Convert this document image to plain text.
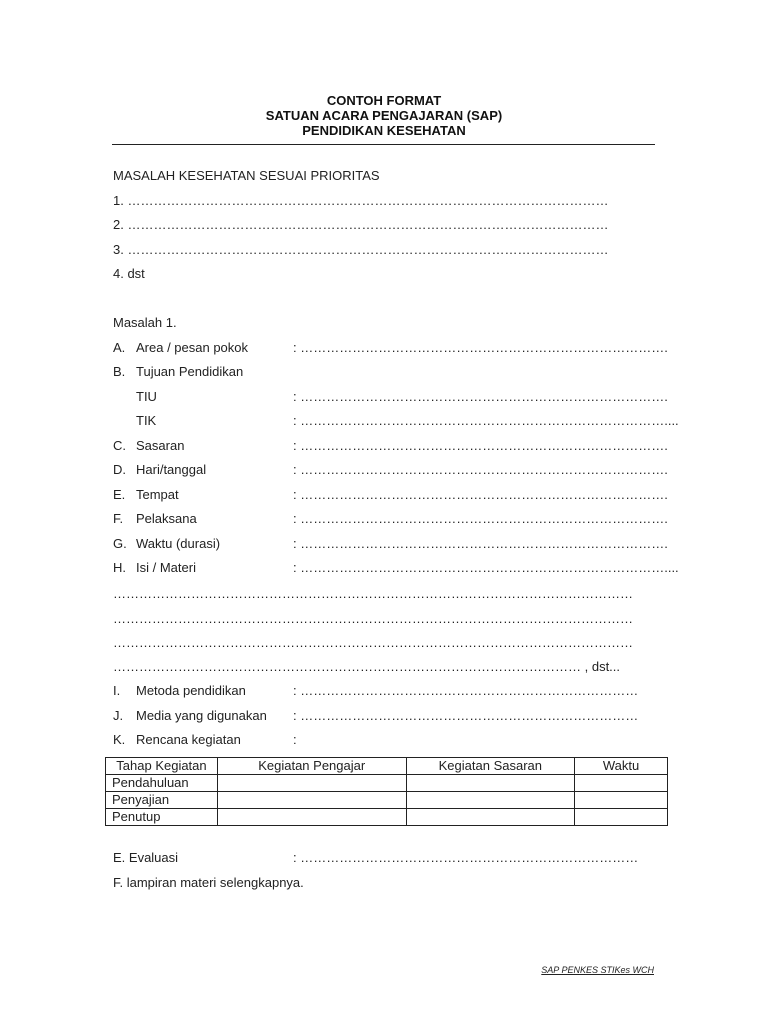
CONTOH FORMAT
SATUAN ACARA PENGAJARAN (SAP)
PENDIDIKAN KESEHATAN
MASALAH KESEHATAN SESUAI PRIORITAS
1. …………………………………………………………………………………………………
2. …………………………………………………………………………………………………
3. …………………………………………………………………………………………………
4. dst
Masalah 1.
A. Area / pesan pokok	: ………………………………………………………………………….
B. Tujuan Pendidikan
TIU	: ………………………………………………………………………….
TIK	: …………………………………………………………………………....
C. Sasaran	: ………………………………………………………………………….
D. Hari/tanggal	: ………………………………………………………………………….
E. Tempat	: ………………………………………………………………………….
F. Pelaksana	: ………………………………………………………………………….
G. Waktu (durasi)	: ………………………………………………………………………….
H. Isi / Materi	: …………………………………………………………………………....
…………………………………………………………………………………………………………
…………………………………………………………………………………………………………
…………………………………………………………………………………………………………
……………………………………………………………………………………………… , dst...
I. Metoda pendidikan	: ……………………………………………………………………
J. Media yang digunakan : ……………………………………………………………………
K. Rencana kegiatan	:
Tahap Kegiatan	Kegiatan Pengajar	Kegiatan Sasaran	Waktu
Pendahuluan			
Penyajian			
Penutup			
E. Evaluasi	: ……………………………………………………………………
F. lampiran materi selengkapnya.
SAP PENKES STIKes WCH
